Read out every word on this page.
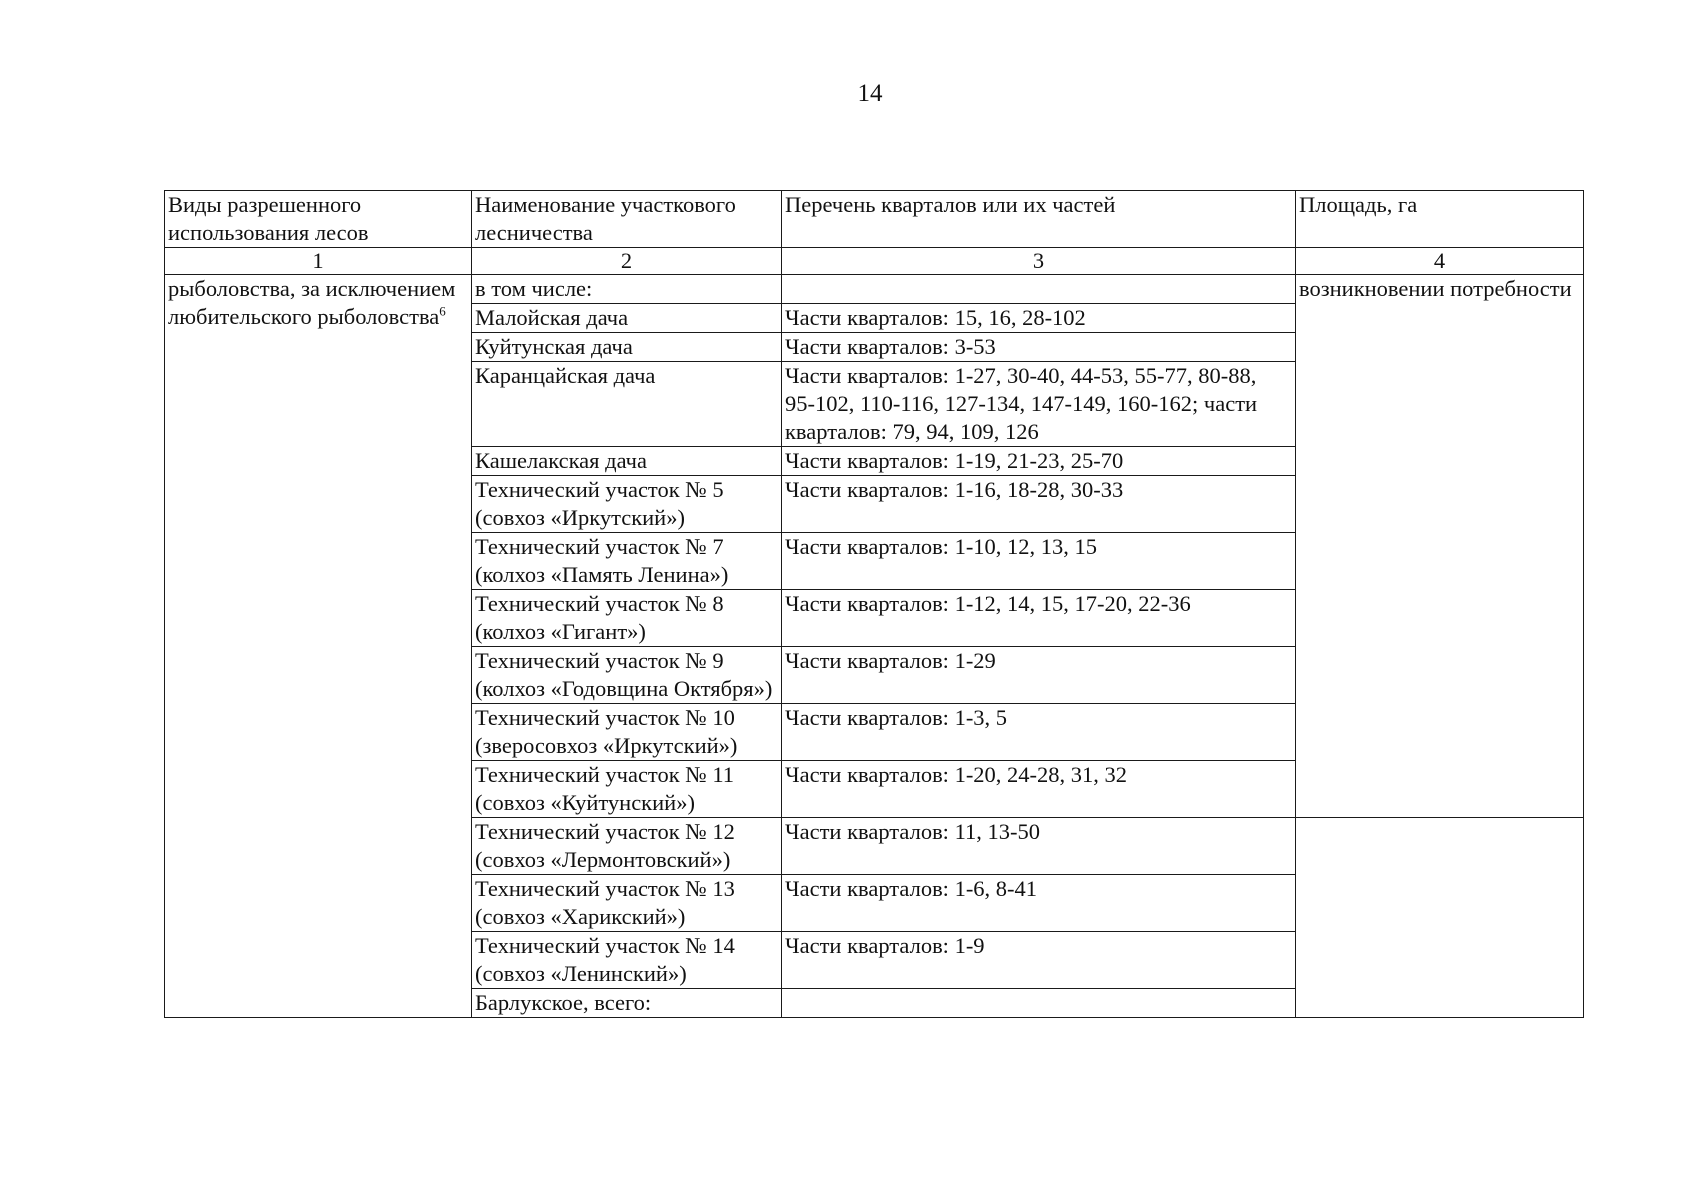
14
Виды разрешенного использования лесов	Наименование участкового лесничества	Перечень кварталов или их частей	Площадь, га
1	2	3	4
рыболовства, за исключением любительского рыболовства$^6$	в том числе:		возникновении потребности
	Малойская дача	Части кварталов: 15, 16, 28-102	
	Куйтунская дача	Части кварталов: 3-53	
	Каранцайская дача	Части кварталов: 1-27, 30-40, 44-53, 55-77, 80-88, 95-102, 110-116, 127-134, 147-149, 160-162; части кварталов: 79, 94, 109, 126	
	Кашелакская дача	Части кварталов: 1-19, 21-23, 25-70	
	Технический участок № 5 (совхоз «Иркутский»)	Части кварталов: 1-16, 18-28, 30-33	
	Технический участок № 7 (колхоз «Память Ленина»)	Части кварталов: 1-10, 12, 13, 15	
	Технический участок № 8 (колхоз «Гигант»)	Части кварталов: 1-12, 14, 15, 17-20, 22-36	
	Технический участок № 9 (колхоз «Годовщина Октября»)	Части кварталов: 1-29	
	Технический участок № 10 (зверосовхоз «Иркутский»)	Части кварталов: 1-3, 5	
	Технический участок № 11 (совхоз «Куйтунский»)	Части кварталов: 1-20, 24-28, 31, 32	
	Технический участок № 12 (совхоз «Лермонтовский»)	Части кварталов: 11, 13-50	
	Технический участок № 13 (совхоз «Харикский»)	Части кварталов: 1-6, 8-41	
	Технический участок № 14 (совхоз «Ленинский»)	Части кварталов: 1-9	
	Барлукское, всего:		
